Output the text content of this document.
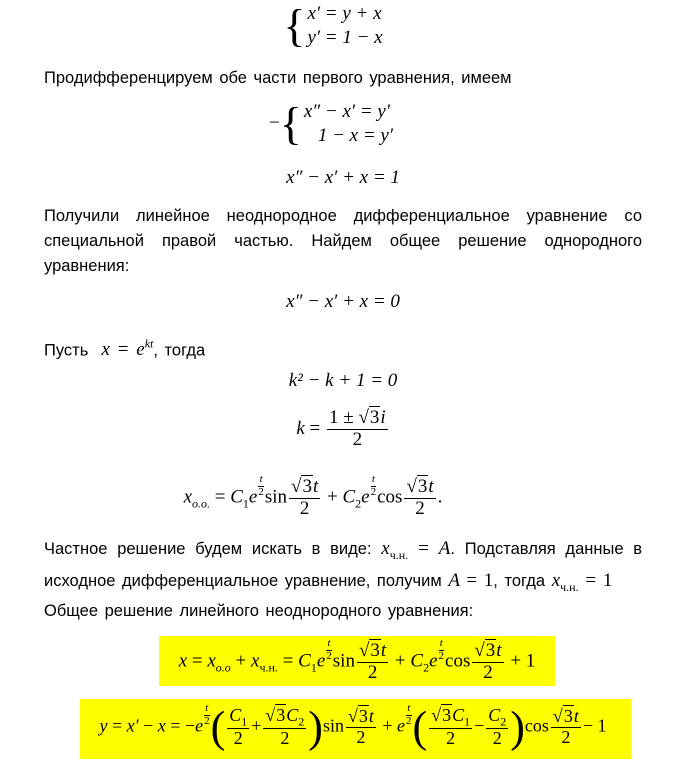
{ x′ = y + x
y′ = 1 − x
Продифференцируем обе части первого уравнения, имеем
−{ x″ − x′ = y′
1 − x = y′
x″ − x′ + x = 1
Получили линейное неоднородное дифференциальное уравнение со специальной правой частью. Найдем общее решение однородного уравнения:
x″ − x′ + x = 0
Пусть $x = e^{kt}$, тогда
k² − k + 1 = 0
$k = \frac{1 \pm √3i}{2}$
$x_{o.o.} = C_1e \frac{t}{2}$ $\sin \frac{√3t}{2} + C_2e \frac{t}{2}$ $\cos \frac{√3t}{2}$ .
Частное решение будем искать в виде: $x_{ч.н.} = A$. Подставляя данные в исходное дифференциальное уравнение, получим A = 1, тогда $x_{ч.н.} = 1$
Общее решение линейного неоднородного уравнения:
$x = x_{o.o} + x_{ч.н.} = C_1e \frac{t}{2}$ $\sin \frac{√3t}{2} + C_2e \frac{t}{2}$ $\cos \frac{√3t}{2} + 1$
$y = x' - x = -e \frac{t}{2}$ ( $\frac{C_1}{2} + \frac{√3C_2}{2} )\sin \frac{√3t}{2} + e \frac{t}{2}$ ( $\frac{√3C_1}{2} - \frac{C_2}{2} )\cos \frac{√3t}{2} - 1$
